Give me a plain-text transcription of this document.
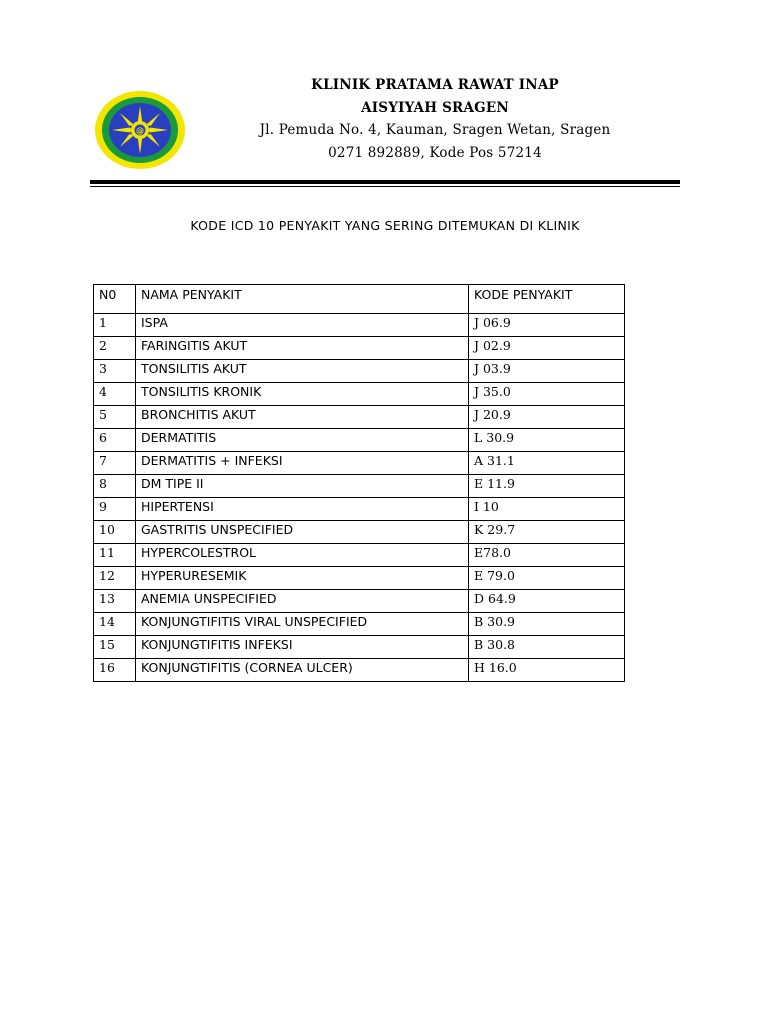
@
KLINIK PRATAMA RAWAT INAP
AISYIYAH SRAGEN
Jl. Pemuda No. 4, Kauman, Sragen Wetan, Sragen
0271 892889, Kode Pos 57214
KODE ICD 10 PENYAKIT YANG SERING DITEMUKAN DI KLINIK
N0	NAMA PENYAKIT	KODE PENYAKIT
1	ISPA	J 06.9
2	FARINGITIS AKUT	J 02.9
3	TONSILITIS AKUT	J 03.9
4	TONSILITIS KRONIK	J 35.0
5	BRONCHITIS AKUT	J 20.9
6	DERMATITIS	L 30.9
7	DERMATITIS + INFEKSI	A 31.1
8	DM TIPE II	E 11.9
9	HIPERTENSI	I 10
10	GASTRITIS UNSPECIFIED	K 29.7
11	HYPERCOLESTROL	E78.0
12	HYPERURESEMIK	E 79.0
13	ANEMIA UNSPECIFIED	D 64.9
14	KONJUNGTIFITIS VIRAL UNSPECIFIED	B 30.9
15	KONJUNGTIFITIS INFEKSI	B 30.8
16	KONJUNGTIFITIS (CORNEA ULCER)	H 16.0
